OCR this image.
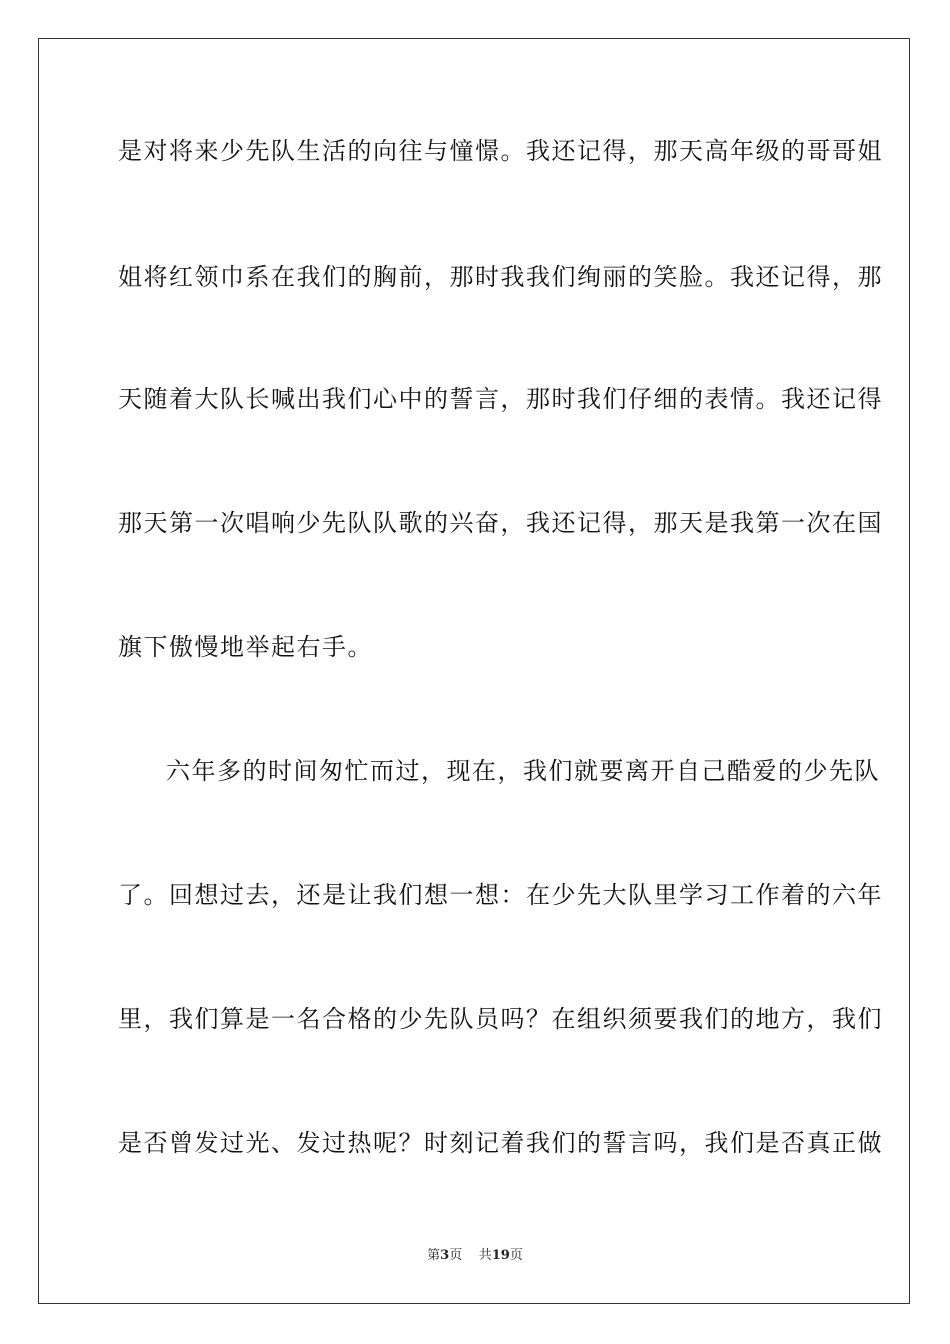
是对将来少先队生活的向往与憧憬。我还记得，那天高年级的哥哥姐
姐将红领巾系在我们的胸前，那时我我们绚丽的笑脸。我还记得，那
天随着大队长喊出我们心中的誓言，那时我们仔细的表情。我还记得
那天第一次唱响少先队队歌的兴奋，我还记得，那天是我第一次在国
旗下傲慢地举起右手。
六年多的时间匆忙而过，现在，我们就要离开自己酷爱的少先队
了。回想过去，还是让我们想一想：在少先大队里学习工作着的六年
里，我们算是一名合格的少先队员吗？在组织须要我们的地方，我们
是否曾发过光、发过热呢？时刻记着我们的誓言吗，我们是否真正做
第3页 共19页
